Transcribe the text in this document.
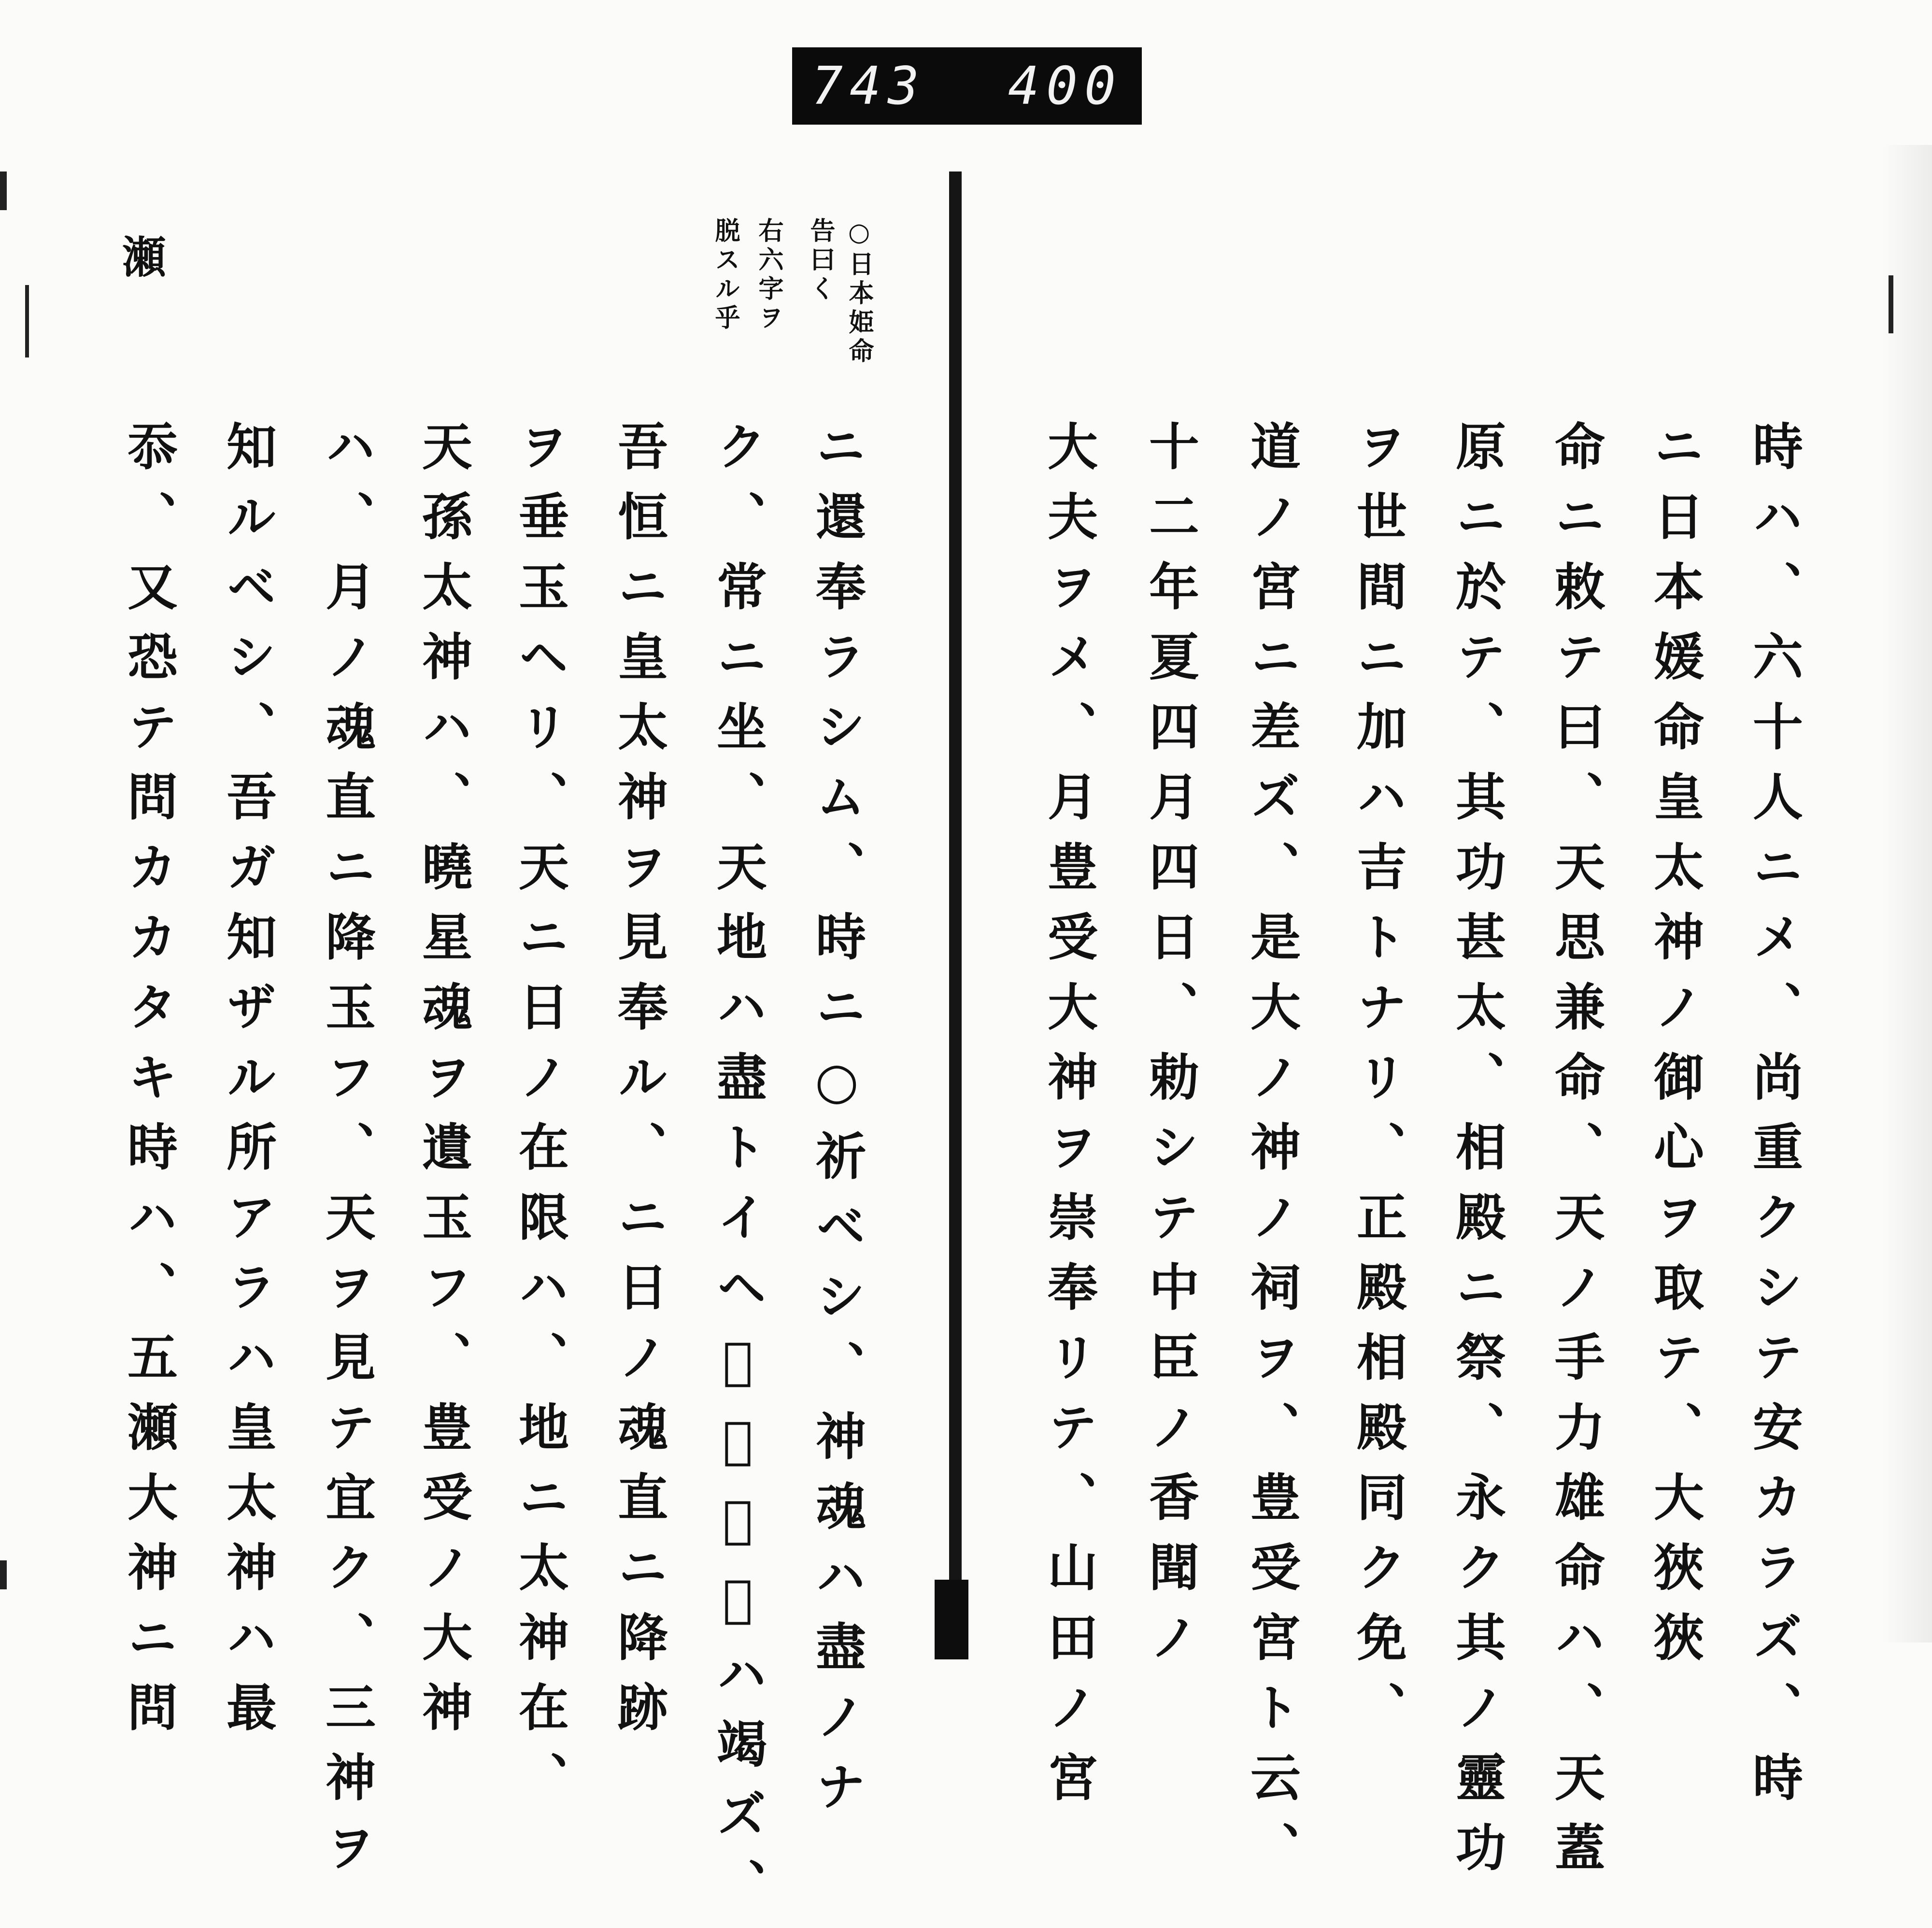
743 400
瀬	○日本姫命
告曰く
右六字ヲ
脱スル乎
ニ還奉ラシム、時ニ○祈ベシ、神魂ハ盡ノナ
ク、常ニ坐、天地ハ盡トイヘ𪜈、神魂ハ竭ズ、
吾恒ニ皇太神ヲ見奉ル、ニ日ノ魂直ニ降跡
ヲ垂玉ヘリ、天ニ日ノ在限ハ、地ニ太神在、
天孫太神ハ、曉星魂ヲ遺玉フ、豊受ノ大神
ハ、月ノ魂直ニ降玉フ、天ヲ見テ宜ク、三神ヲ
知ルベシ、吾ガ知ザル所アラハ皇太神ハ最
忝、又恐テ問カカタキ時ハ、五瀬大神ニ問	時ハ、六十人ニメ、尚重クシテ安カラズ、時
ニ日本媛命皇太神ノ御心ヲ取テ、大狹狹
命ニ敕テ曰、天思兼命、天ノ手力雄命ハ、天蓋
原ニ於テ、其功甚太、相殿ニ祭、永ク其ノ靈功
ヲ世間ニ加ハ吉トナリ、正殿相殿同ク免、
道ノ宮ニ差ズ、是大ノ神ノ祠ヲ、豊受宮ト云、
十二年夏四月四日、勅シテ中臣ノ香聞ノ
大夫ヲメ、月豊受大神ヲ崇奉リテ、山田ノ宮
